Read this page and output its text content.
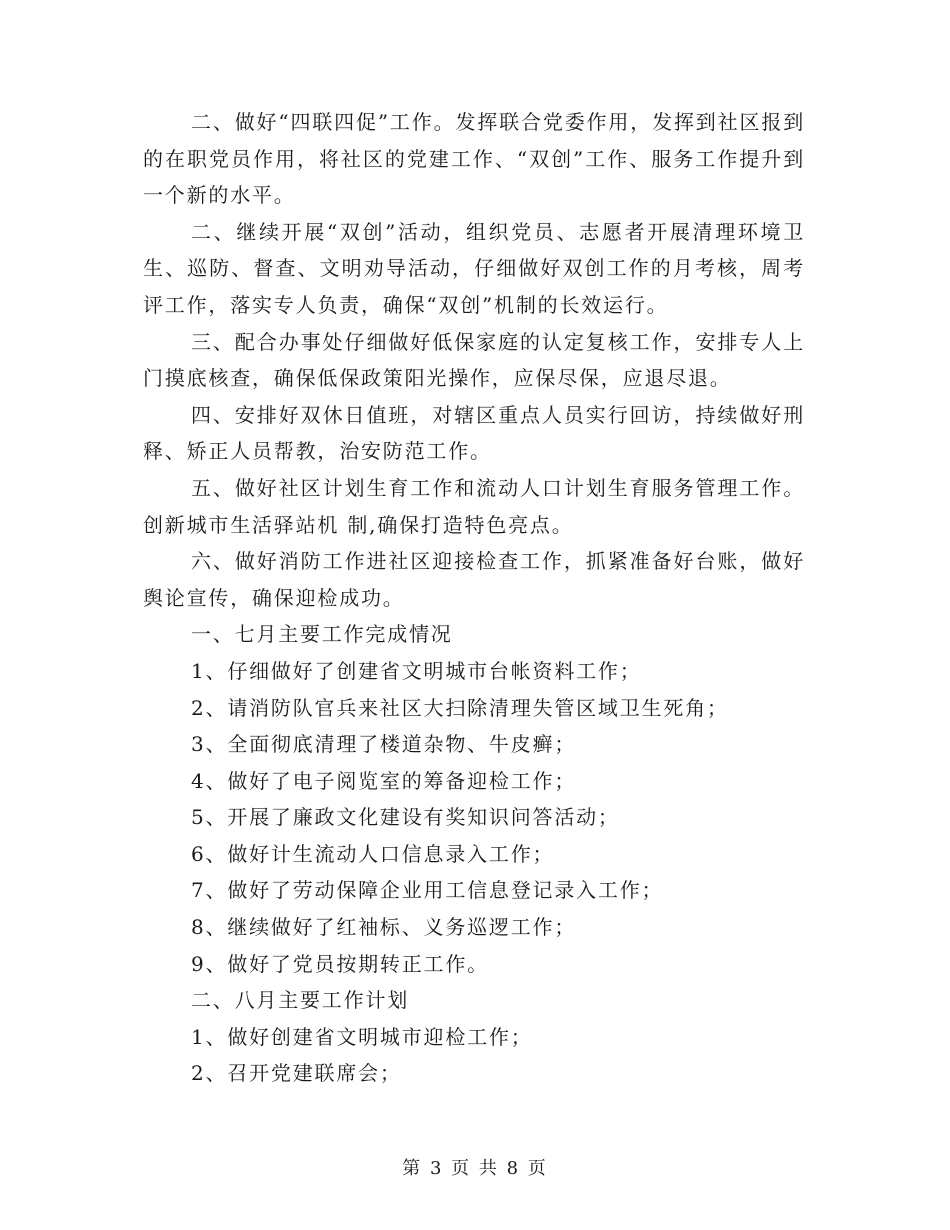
二、做好“四联四促”工作。发挥联合党委作用，发挥到社区报到的在职党员作用，将社区的党建工作、“双创”工作、服务工作提升到一个新的水平。

二、继续开展“双创”活动，组织党员、志愿者开展清理环境卫生、巡防、督查、文明劝导活动，仔细做好双创工作的月考核，周考评工作，落实专人负责，确保“双创”机制的长效运行。

三、配合办事处仔细做好低保家庭的认定复核工作，安排专人上门摸底核查，确保低保政策阳光操作，应保尽保，应退尽退。

四、安排好双休日值班，对辖区重点人员实行回访，持续做好刑释、矫正人员帮教，治安防范工作。

五、做好社区计划生育工作和流动人口计划生育服务管理工作。创新城市生活驿站机 制,确保打造特色亮点。

六、做好消防工作进社区迎接检查工作，抓紧准备好台账，做好舆论宣传，确保迎检成功。

一、七月主要工作完成情况

1、仔细做好了创建省文明城市台帐资料工作；

2、请消防队官兵来社区大扫除清理失管区域卫生死角；

3、全面彻底清理了楼道杂物、牛皮癣；

4、做好了电子阅览室的筹备迎检工作；

5、开展了廉政文化建设有奖知识问答活动；

6、做好计生流动人口信息录入工作；

7、做好了劳动保障企业用工信息登记录入工作；

8、继续做好了红袖标、义务巡逻工作；

9、做好了党员按期转正工作。

二、八月主要工作计划

1、做好创建省文明城市迎检工作；

2、召开党建联席会；

第 3 页 共 8 页
